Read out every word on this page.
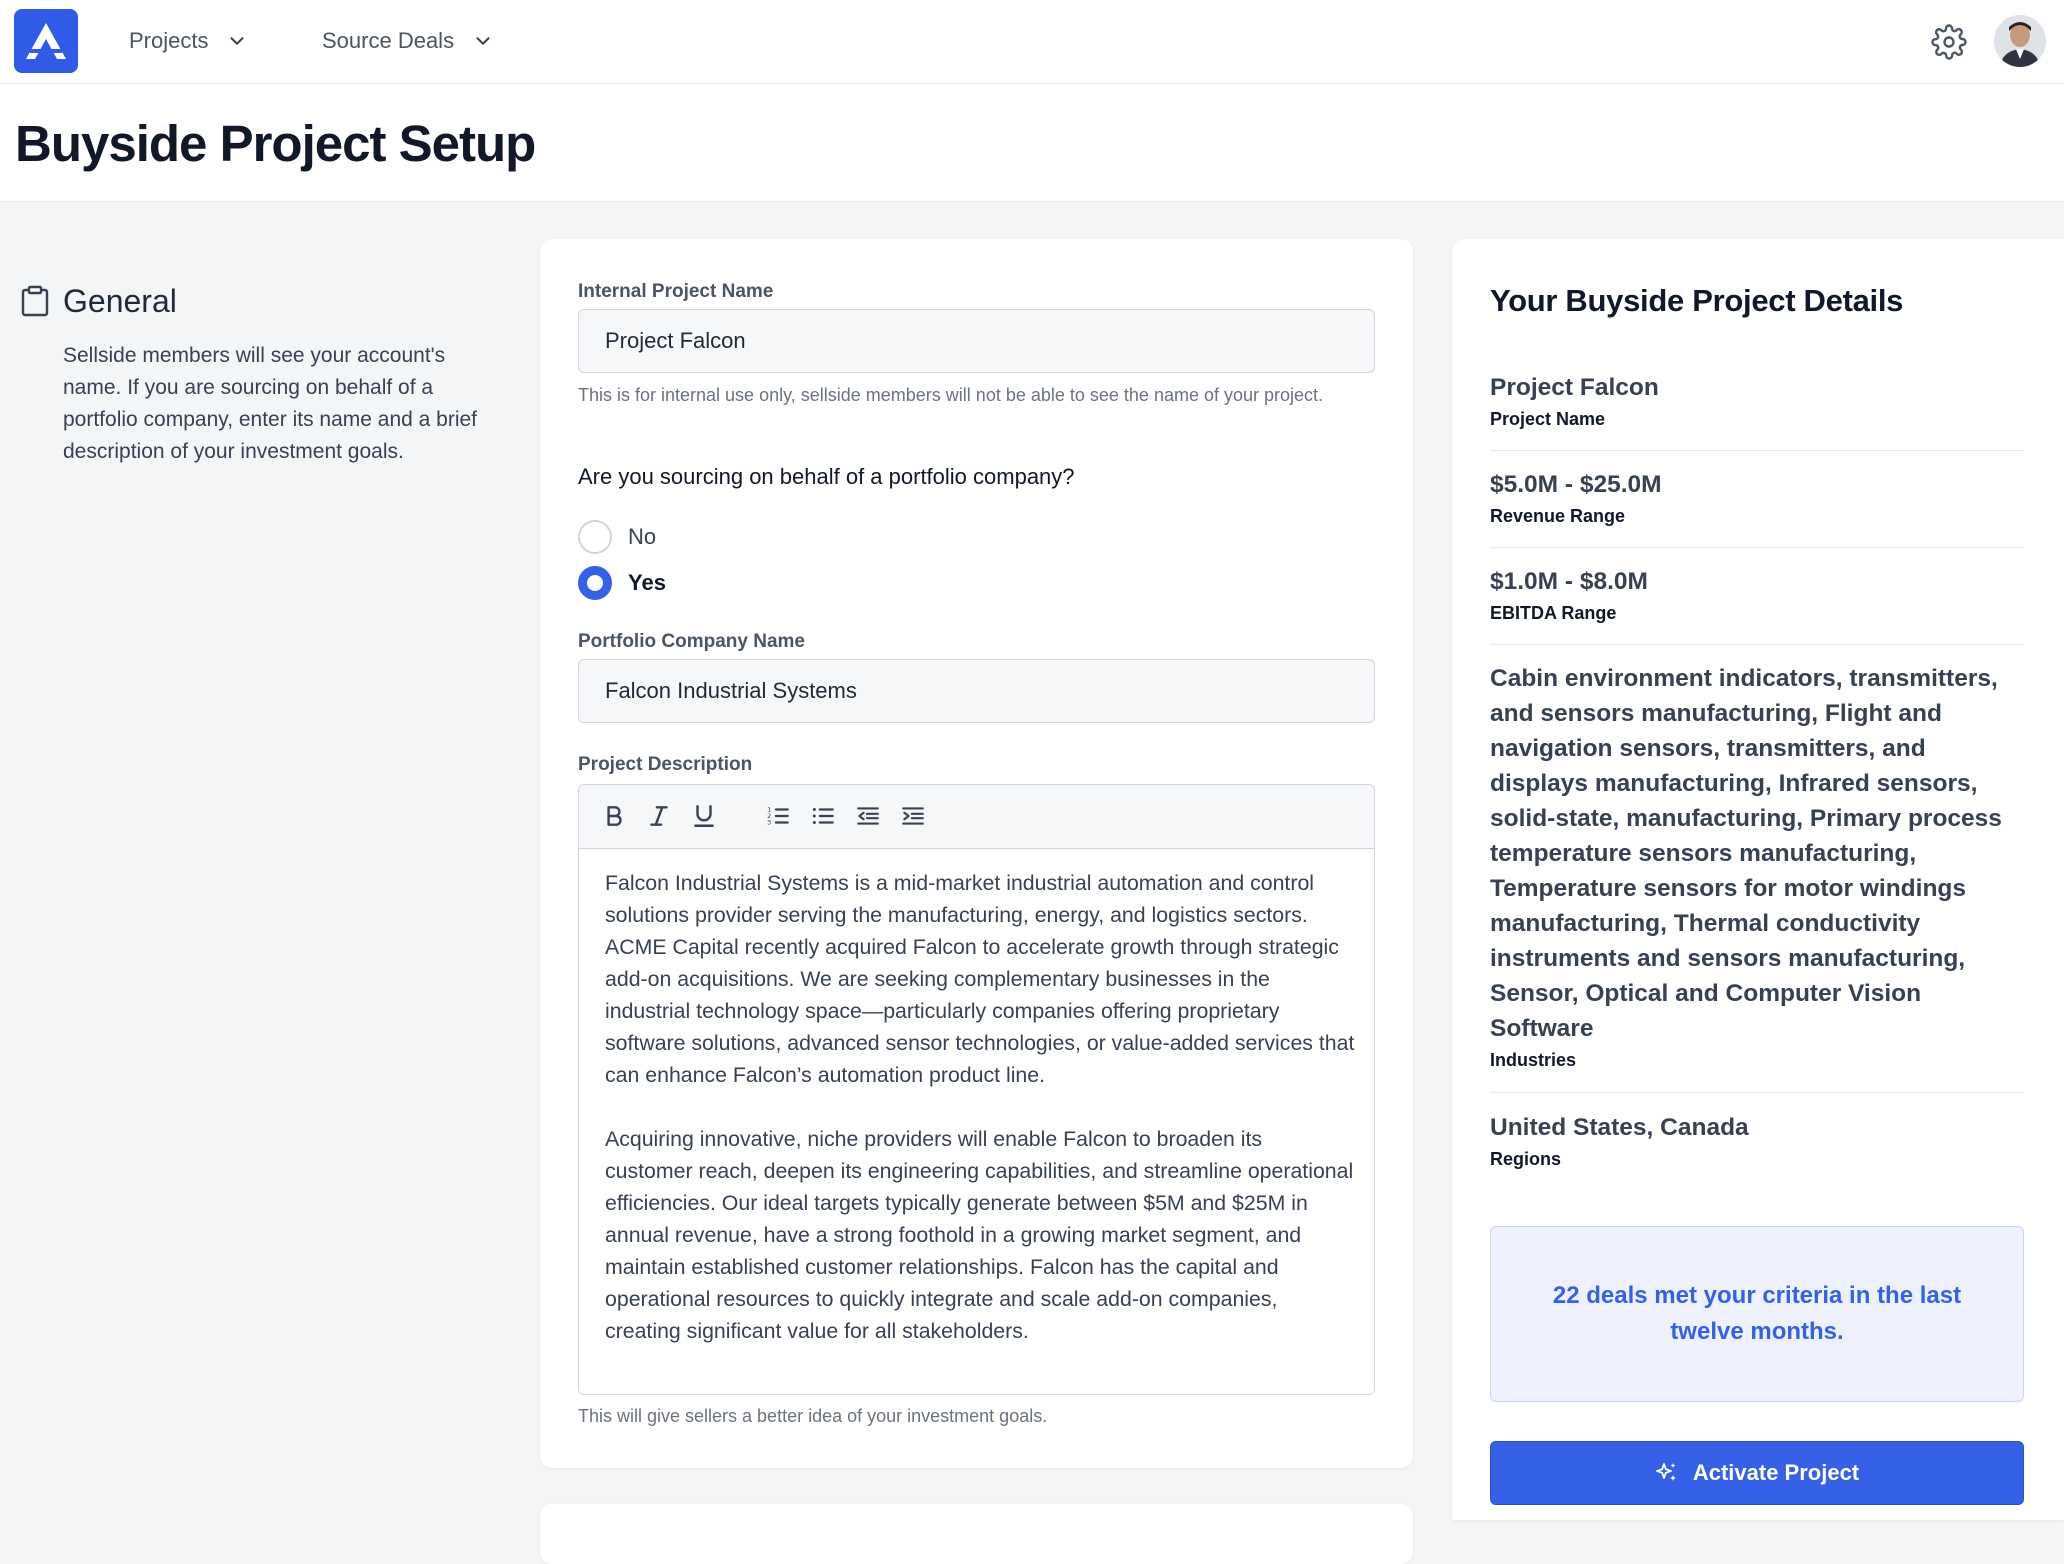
Projects	Source Deals
Buyside Project Setup
General
Sellside members will see your account's name. If you are sourcing on behalf of a portfolio company, enter its name and a brief description of your investment goals.
Internal Project Name
Project Falcon
This is for internal use only, sellside members will not be able to see the name of your project.
Are you sourcing on behalf of a portfolio company?
No
Yes
Portfolio Company Name
Falcon Industrial Systems
Project Description
1
2
3

Falcon Industrial Systems is a mid-market industrial automation and control solutions provider serving the manufacturing, energy, and logistics sectors. ACME Capital recently acquired Falcon to accelerate growth through strategic add-on acquisitions. We are seeking complementary businesses in the industrial technology space—particularly companies offering proprietary software solutions, advanced sensor technologies, or value-added services that can enhance Falcon’s automation product line.

Acquiring innovative, niche providers will enable Falcon to broaden its customer reach, deepen its engineering capabilities, and streamline operational efficiencies. Our ideal targets typically generate between $5M and $25M in annual revenue, have a strong foothold in a growing market segment, and maintain established customer relationships. Falcon has the capital and operational resources to quickly integrate and scale add-on companies, creating significant value for all stakeholders.

This will give sellers a better idea of your investment goals.
Your Buyside Project Details
Project Falcon
Project Name
$5.0M - $25.0M
Revenue Range
$1.0M - $8.0M
EBITDA Range
Cabin environment indicators, transmitters, and sensors manufacturing, Flight and navigation sensors, transmitters, and displays manufacturing, Infrared sensors, solid-state, manufacturing, Primary process temperature sensors manufacturing, Temperature sensors for motor windings manufacturing, Thermal conductivity instruments and sensors manufacturing, Sensor, Optical and Computer Vision Software
Industries
United States, Canada
Regions
22 deals met your criteria in the last twelve months.
Activate Project
